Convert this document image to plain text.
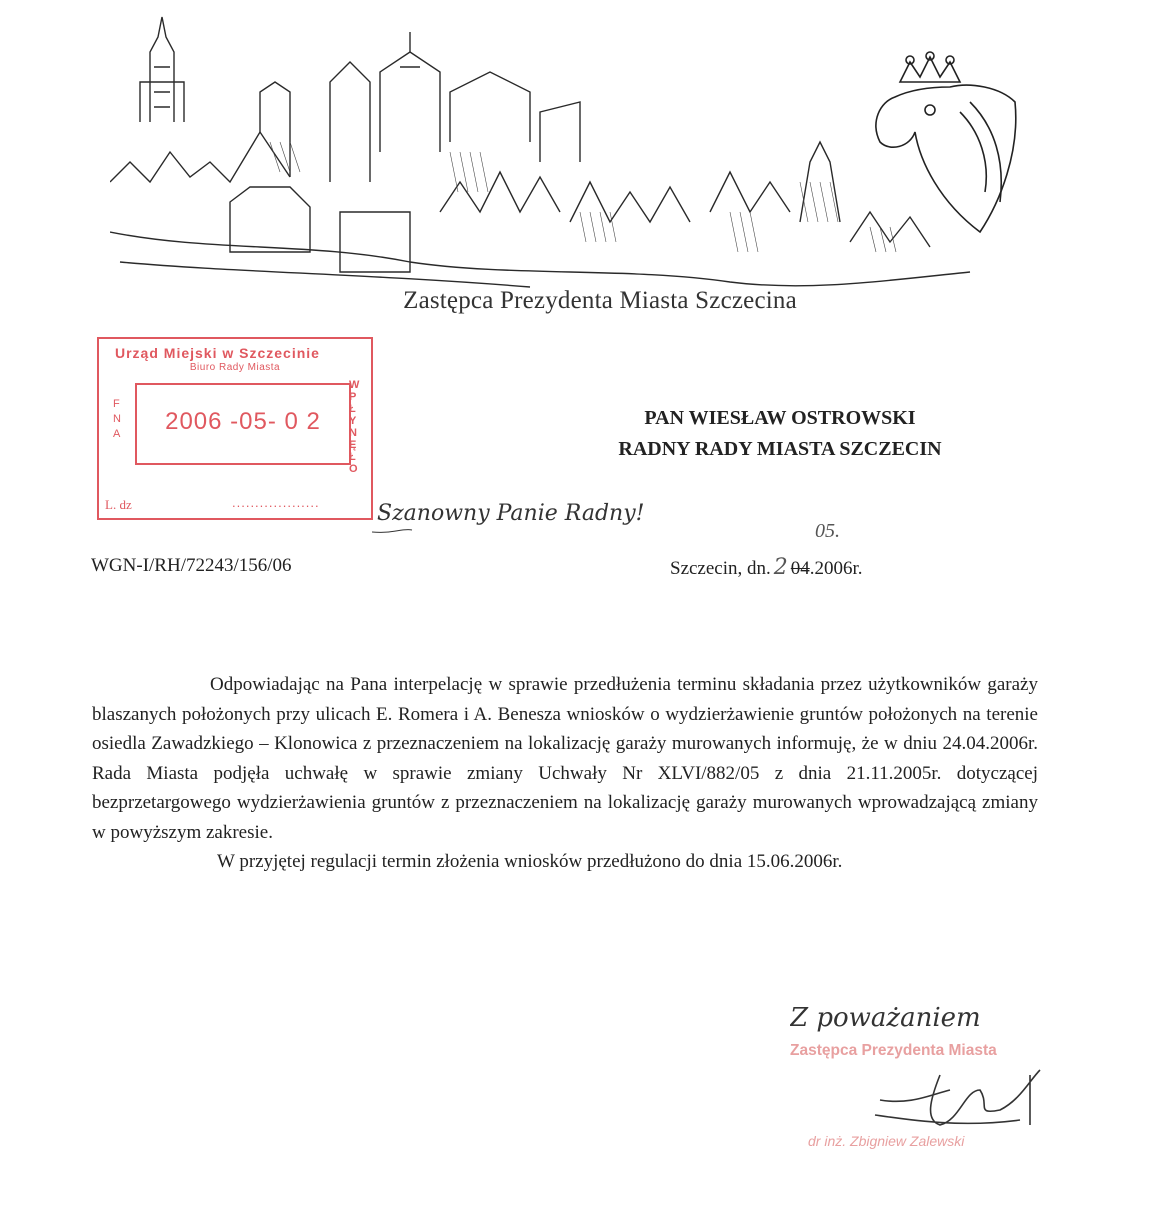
Zastępca Prezydenta Miasta Szczecina
Urząd Miejski w Szczecinie
Biuro Rady Miasta
F N A	2006 -05- 0 2
WPŁYNĘŁO
L. dz	...................
PAN WIESŁAW OSTROWSKI
RADNY RADY MIASTA SZCZECIN
Szanowny Panie Radny!
WGN-I/RH/72243/156/06
05.
Szczecin, dn. 2 04.2006r.

Odpowiadając na Pana interpelację w sprawie przedłużenia terminu składania przez użytkowników garaży blaszanych położonych przy ulicach E. Romera i A. Benesza wniosków o wydzierżawienie gruntów położonych na terenie osiedla Zawadzkiego – Klonowica z przeznaczeniem na lokalizację garaży murowanych informuję, że w dniu 24.04.2006r. Rada Miasta podjęła uchwałę w sprawie zmiany Uchwały Nr XLVI/882/05 z dnia 21.11.2005r. dotyczącej bezprzetargowego wydzierżawienia gruntów z przeznaczeniem na lokalizację garaży murowanych wprowadzającą zmiany w powyższym zakresie.

W przyjętej regulacji termin złożenia wniosków przedłużono do dnia 15.06.2006r.

Z poważaniem
Zastępca Prezydenta Miasta
dr inż. Zbigniew Zalewski
